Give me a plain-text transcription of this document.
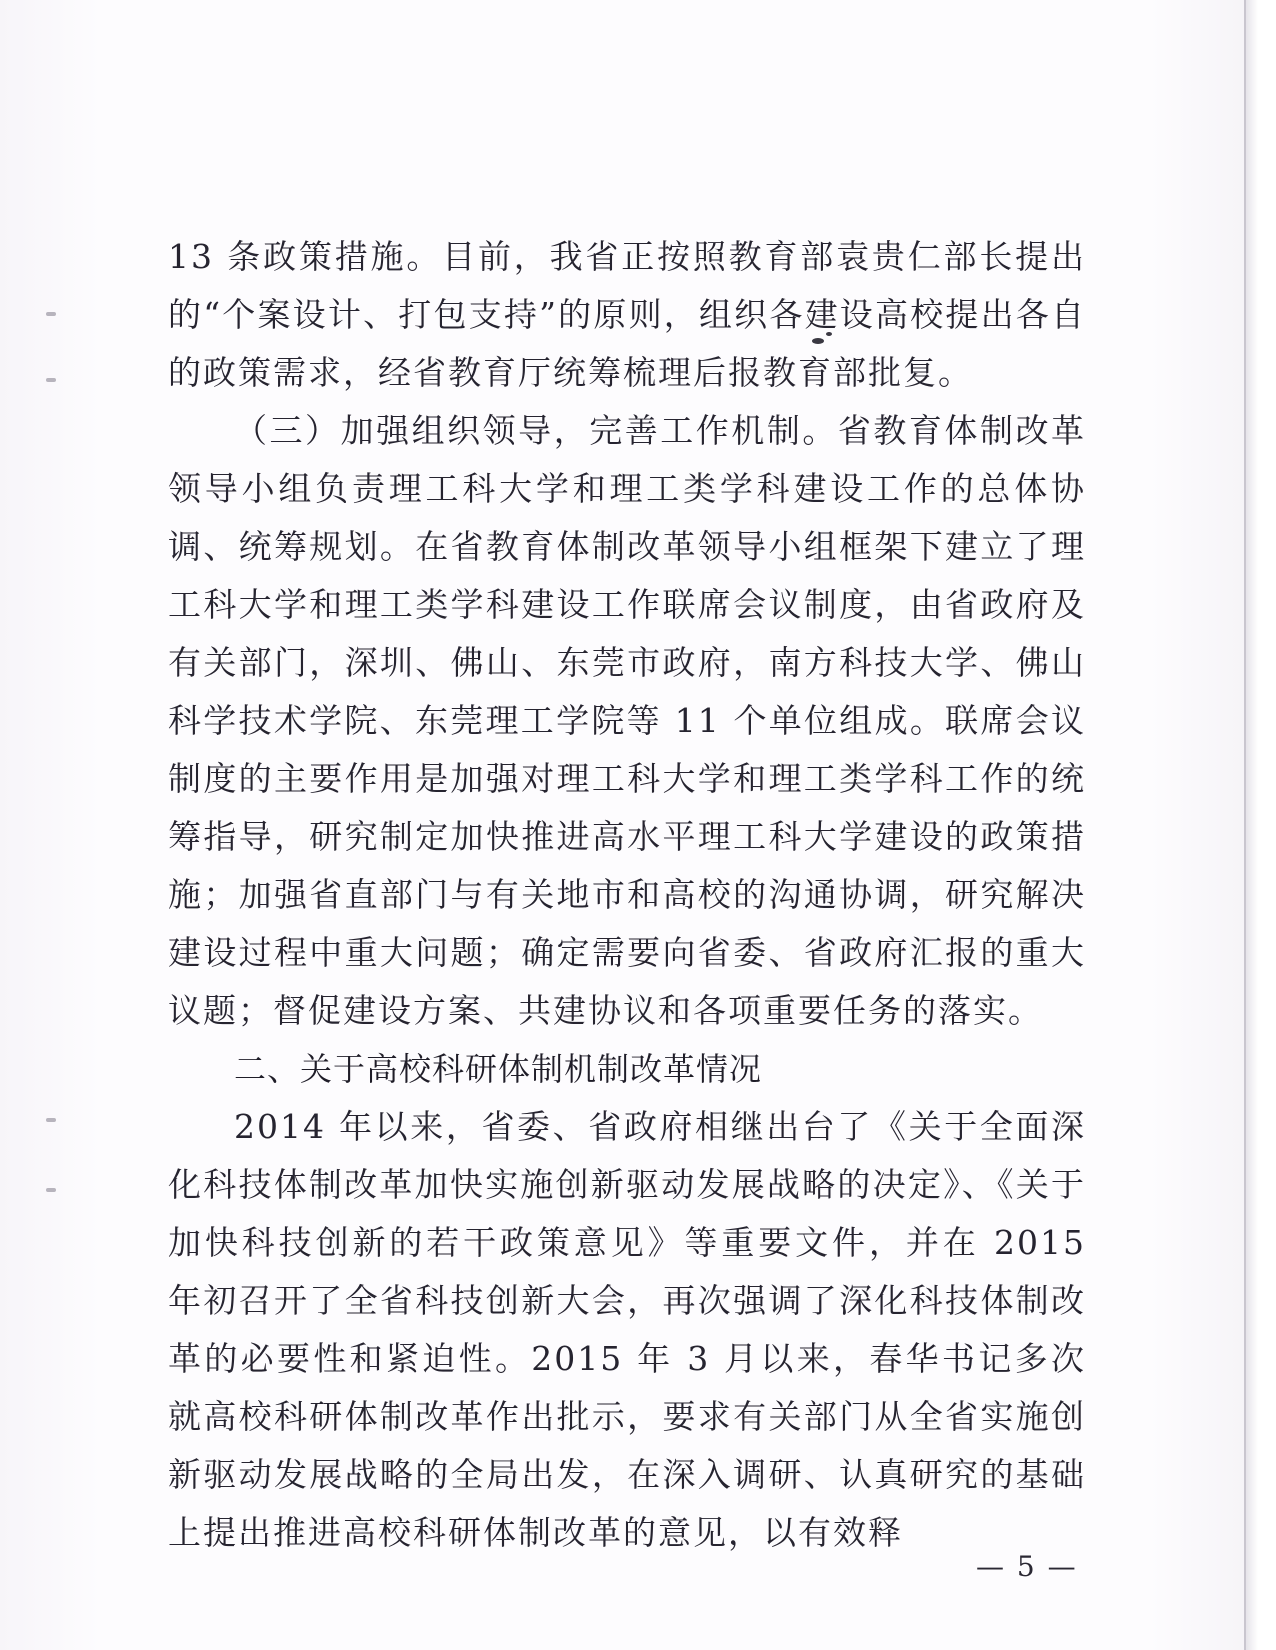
13 条政策措施。目前，我省正按照教育部袁贵仁部长提出的“个案设计、打包支持”的原则，组织各建设高校提出各自的政策需求，经省教育厅统筹梳理后报教育部批复。

（三）加强组织领导，完善工作机制。省教育体制改革领导小组负责理工科大学和理工类学科建设工作的总体协调、统筹规划。在省教育体制改革领导小组框架下建立了理工科大学和理工类学科建设工作联席会议制度，由省政府及有关部门，深圳、佛山、东莞市政府，南方科技大学、佛山科学技术学院、东莞理工学院等 11 个单位组成。联席会议制度的主要作用是加强对理工科大学和理工类学科工作的统筹指导，研究制定加快推进高水平理工科大学建设的政策措施；加强省直部门与有关地市和高校的沟通协调，研究解决建设过程中重大问题；确定需要向省委、省政府汇报的重大议题；督促建设方案、共建协议和各项重要任务的落实。

二、关于高校科研体制机制改革情况

2014 年以来，省委、省政府相继出台了《关于全面深化科技体制改革加快实施创新驱动发展战略的决定》、《关于加快科技创新的若干政策意见》等重要文件，并在 2015 年初召开了全省科技创新大会，再次强调了深化科技体制改革的必要性和紧迫性。2015 年 3 月以来，春华书记多次就高校科研体制改革作出批示，要求有关部门从全省实施创新驱动发展战略的全局出发，在深入调研、认真研究的基础上提出推进高校科研体制改革的意见，以有效释

— 5 —
